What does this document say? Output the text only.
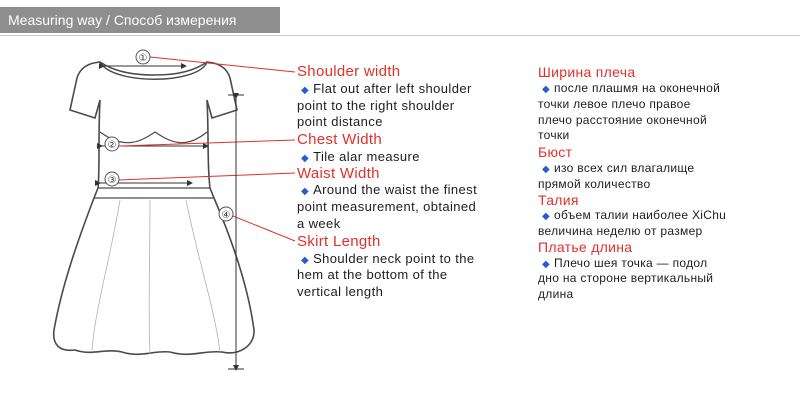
Measuring way / Способ измерения
①
②
③
④
Shoulder width
◆ Flat out after left shoulder
point to the right shoulder
point distance
Chest Width
◆ Tile alar measure
Waist Width
◆ Around the waist the finest
point measurement, obtained
a week
Skirt Length
◆ Shoulder neck point to the
hem at the bottom of the
vertical length
Ширина плеча
◆ после плашмя на оконечной
точки левое плечо правое
плечо расстояние оконечной
точки
Бюст
◆ изо всех сил влагалище
прямой количество
Талия
◆ объем талии наиболее XiChu
величина неделю от размер
Платье длина
◆ Плечо шея точка — подол
дно на стороне вертикальный
длина
